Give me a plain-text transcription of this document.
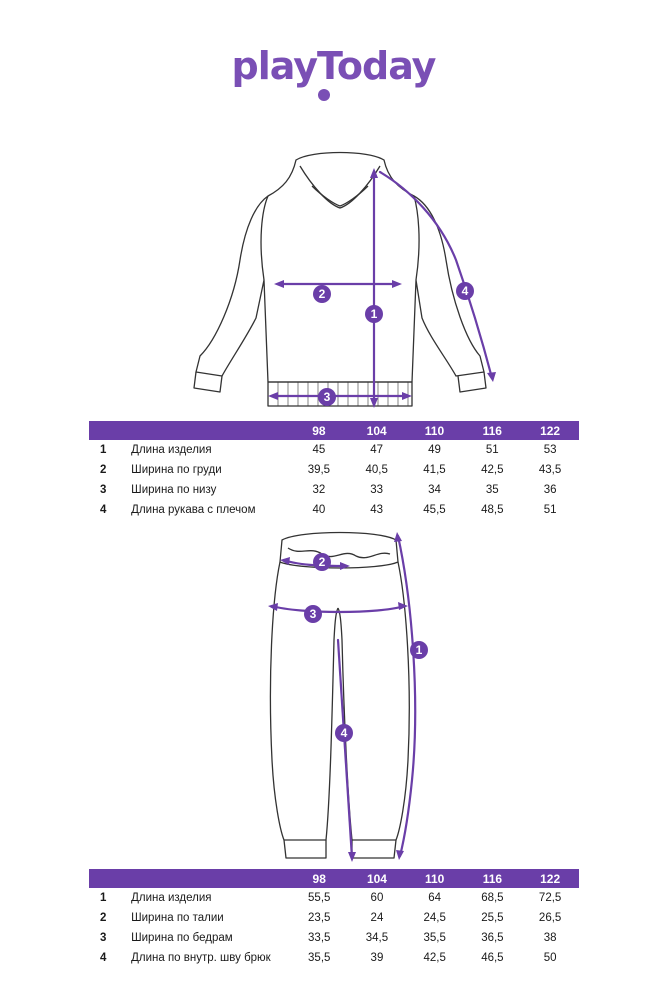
playToday
1
2
3
4
		98	104	110	116	122
1	Длина изделия	45	47	49	51	53
2	Ширина по груди	39,5	40,5	41,5	42,5	43,5
3	Ширина по низу	32	33	34	35	36
4	Длина рукава с плечом	40	43	45,5	48,5	51
2
3
1
4
		98	104	110	116	122
1	Длина изделия	55,5	60	64	68,5	72,5
2	Ширина по талии	23,5	24	24,5	25,5	26,5
3	Ширина по бедрам	33,5	34,5	35,5	36,5	38
4	Длина по внутр. шву брюк	35,5	39	42,5	46,5	50
